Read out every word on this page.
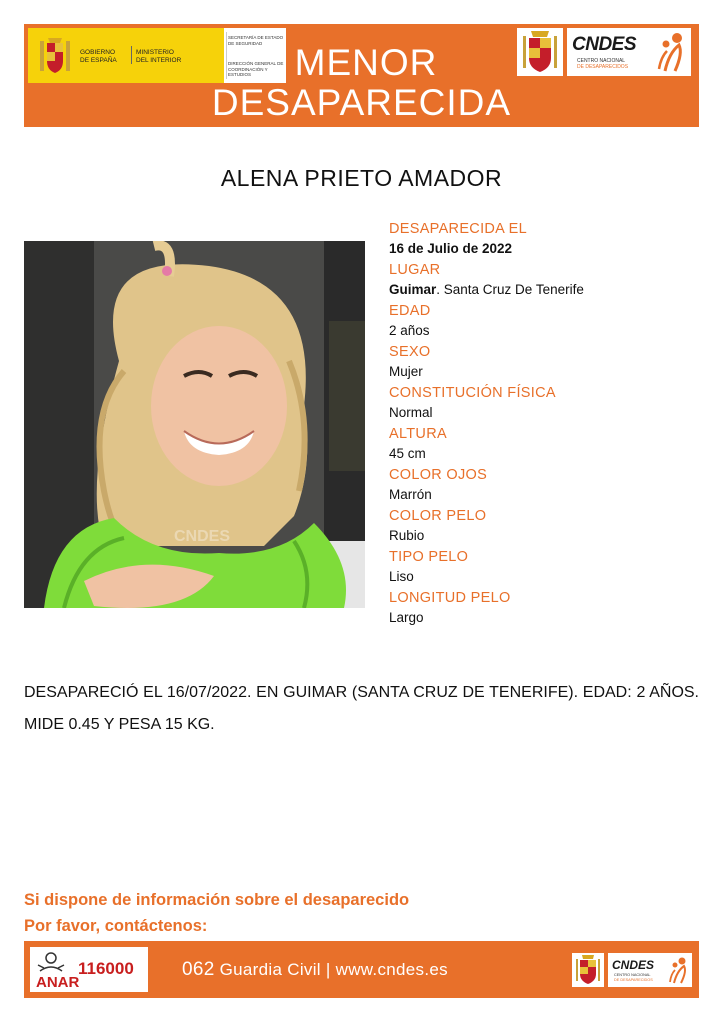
GOBIERNO
DE ESPAÑA
MINISTERIO
DEL INTERIOR
SECRETARÍA DE ESTADO DE SEGURIDAD
DIRECCIÓN GENERAL DE COORDINACIÓN Y ESTUDIOS	MENOR
DESAPARECIDA
CNDES
CENTRO NACIONAL
DE DESAPARECIDOS
ALENA PRIETO AMADOR
CNDES
DESAPARECIDA EL
16 de Julio de 2022
LUGAR
Guimar. Santa Cruz De Tenerife
EDAD
2 años
SEXO
Mujer
CONSTITUCIÓN FÍSICA
Normal
ALTURA
45 cm
COLOR OJOS
Marrón
COLOR PELO
Rubio
TIPO PELO
Liso
LONGITUD PELO
Largo
DESAPARECIÓ EL 16/07/2022. EN GUIMAR (SANTA CRUZ DE TENERIFE). EDAD: 2 AÑOS. MIDE 0.45 Y PESA 15 KG.
Si dispone de información sobre el desaparecido
Por favor, contáctenos:
116000
ANAR
062 Guardia Civil | www.cndes.es	CNDES
CENTRO NACIONAL
DE DESAPARECIDOS
